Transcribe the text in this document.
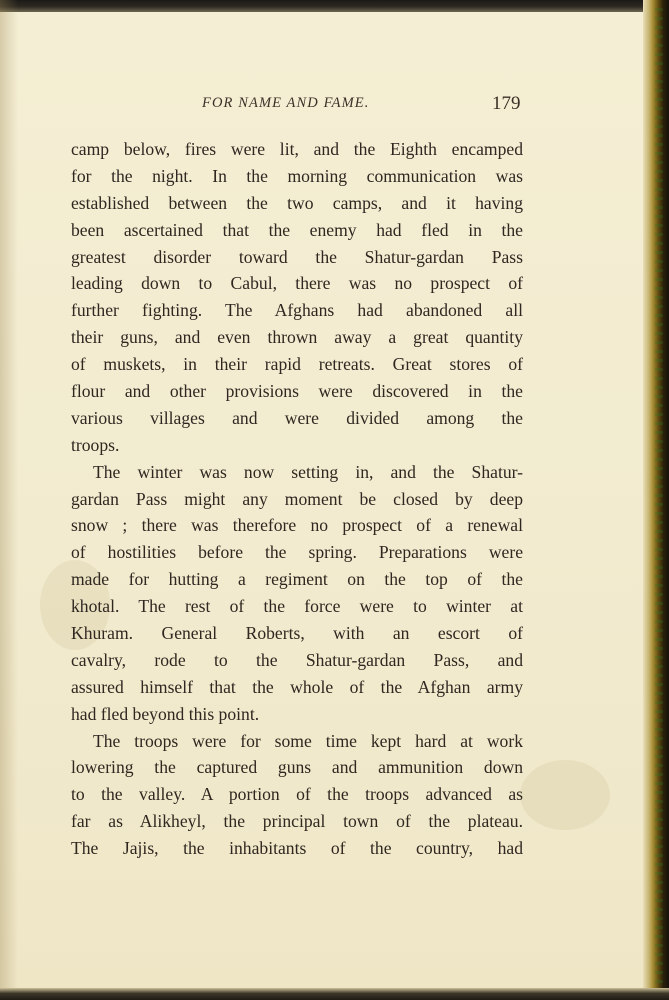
FOR NAME AND FAME.	179
camp below, fires were lit, and the Eighth encamped
for the night. In the morning communication was
established between the two camps, and it having
been ascertained that the enemy had fled in the
greatest disorder toward the Shatur-gardan Pass
leading down to Cabul, there was no prospect of
further fighting. The Afghans had abandoned all
their guns, and even thrown away a great quantity
of muskets, in their rapid retreats. Great stores of
flour and other provisions were discovered in the
various villages and were divided among the
troops.
The winter was now setting in, and the Shatur-
gardan Pass might any moment be closed by deep
snow ; there was therefore no prospect of a renewal
of hostilities before the spring. Preparations were
made for hutting a regiment on the top of the
khotal. The rest of the force were to winter at
Khuram. General Roberts, with an escort of
cavalry, rode to the Shatur-gardan Pass, and
assured himself that the whole of the Afghan army
had fled beyond this point.
The troops were for some time kept hard at work
lowering the captured guns and ammunition down
to the valley. A portion of the troops advanced as
far as Alikheyl, the principal town of the plateau.
The Jajis, the inhabitants of the country, had
